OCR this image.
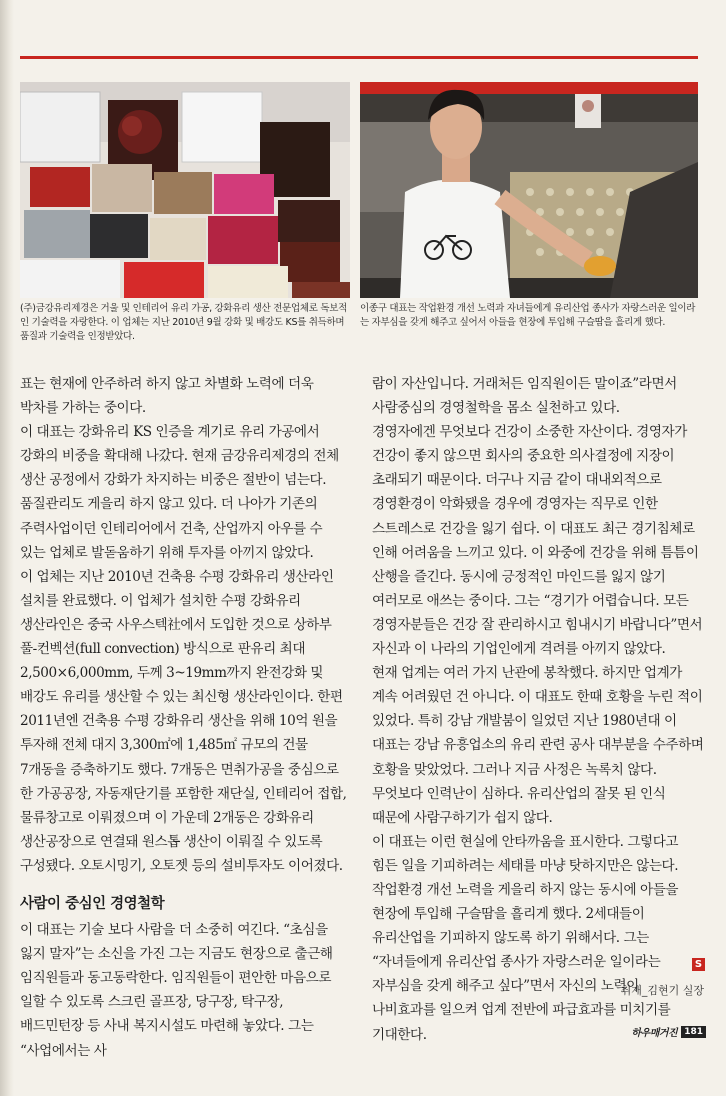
(주)금강유리제경은 거울 및 인테리어 유리 가공, 강화유리 생산 전문업체로 독보적인 기술력을 자랑한다. 이 업체는 지난 2010년 9월 강화 및 배강도 KS를 취득하며 품질과 기술력을 인정받았다.
이종구 대표는 작업환경 개선 노력과 자녀들에게 유리산업 종사가 자랑스러운 일이라는 자부심을 갖게 해주고 싶어서 아들을 현장에 투입해 구슬땀을 흘리게 했다.

표는 현재에 안주하려 하지 않고 차별화 노력에 더욱 박차를 가하는 중이다.

이 대표는 강화유리 KS 인증을 계기로 유리 가공에서 강화의 비중을 확대해 나갔다. 현재 금강유리제경의 전체 생산 공정에서 강화가 차지하는 비중은 절반이 넘는다. 품질관리도 게을리 하지 않고 있다. 더 나아가 기존의 주력사업이던 인테리어에서 건축, 산업까지 아우를 수 있는 업체로 발돋움하기 위해 투자를 아끼지 않았다.

이 업체는 지난 2010년 건축용 수평 강화유리 생산라인 설치를 완료했다. 이 업체가 설치한 수평 강화유리 생산라인은 중국 사우스텍社에서 도입한 것으로 상하부 풀-컨벡션(full convection) 방식으로 판유리 최대 2,500×6,000mm, 두께 3~19mm까지 완전강화 및 배강도 유리를 생산할 수 있는 최신형 생산라인이다. 한편 2011년엔 건축용 수평 강화유리 생산을 위해 10억 원을 투자해 전체 대지 3,300㎡에 1,485㎡ 규모의 건물 7개동을 증축하기도 했다. 7개동은 면취가공을 중심으로 한 가공공장, 자동재단기를 포함한 재단실, 인테리어 접합, 물류창고로 이뤄졌으며 이 가운데 2개동은 강화유리 생산공장으로 연결돼 원스톱 생산이 이뤄질 수 있도록 구성됐다. 오토시밍기, 오토젯 등의 설비투자도 이어졌다.

사람이 중심인 경영철학

이 대표는 기술 보다 사람을 더 소중히 여긴다. “초심을 잃지 말자”는 소신을 가진 그는 지금도 현장으로 출근해 임직원들과 동고동락한다. 임직원들이 편안한 마음으로 일할 수 있도록 스크린 골프장, 당구장, 탁구장, 배드민턴장 등 사내 복지시설도 마련해 놓았다. 그는 “사업에서는 사

람이 자산입니다. 거래처든 임직원이든 말이죠”라면서 사람중심의 경영철학을 몸소 실천하고 있다.

경영자에겐 무엇보다 건강이 소중한 자산이다. 경영자가 건강이 좋지 않으면 회사의 중요한 의사결정에 지장이 초래되기 때문이다. 더구나 지금 같이 대내외적으로 경영환경이 악화됐을 경우에 경영자는 직무로 인한 스트레스로 건강을 잃기 쉽다. 이 대표도 최근 경기침체로 인해 어려움을 느끼고 있다. 이 와중에 건강을 위해 틈틈이 산행을 즐긴다. 동시에 긍정적인 마인드를 잃지 않기 여러모로 애쓰는 중이다. 그는 “경기가 어렵습니다. 모든 경영자분들은 건강 잘 관리하시고 힘내시기 바랍니다”면서 자신과 이 나라의 기업인에게 격려를 아끼지 않았다.

현재 업계는 여러 가지 난관에 봉착했다. 하지만 업계가 계속 어려웠던 건 아니다. 이 대표도 한때 호황을 누린 적이 있었다. 특히 강남 개발붐이 일었던 지난 1980년대 이 대표는 강남 유흥업소의 유리 관련 공사 대부분을 수주하며 호황을 맞았었다. 그러나 지금 사정은 녹록치 않다. 무엇보다 인력난이 심하다. 유리산업의 잘못 된 인식 때문에 사람구하기가 쉽지 않다.

이 대표는 이런 현실에 안타까움을 표시한다. 그렇다고 힘든 일을 기피하려는 세태를 마냥 탓하지만은 않는다. 작업환경 개선 노력을 게을리 하지 않는 동시에 아들을 현장에 투입해 구슬땀을 흘리게 했다. 2세대들이 유리산업을 기피하지 않도록 하기 위해서다. 그는 “자녀들에게 유리산업 종사가 자랑스러운 일이라는 자부심을 갖게 해주고 싶다”면서 자신의 노력이 나비효과를 일으켜 업계 전반에 파급효과를 미치기를 기대한다.

S
취재_김현기 실장
하우매거진 181
